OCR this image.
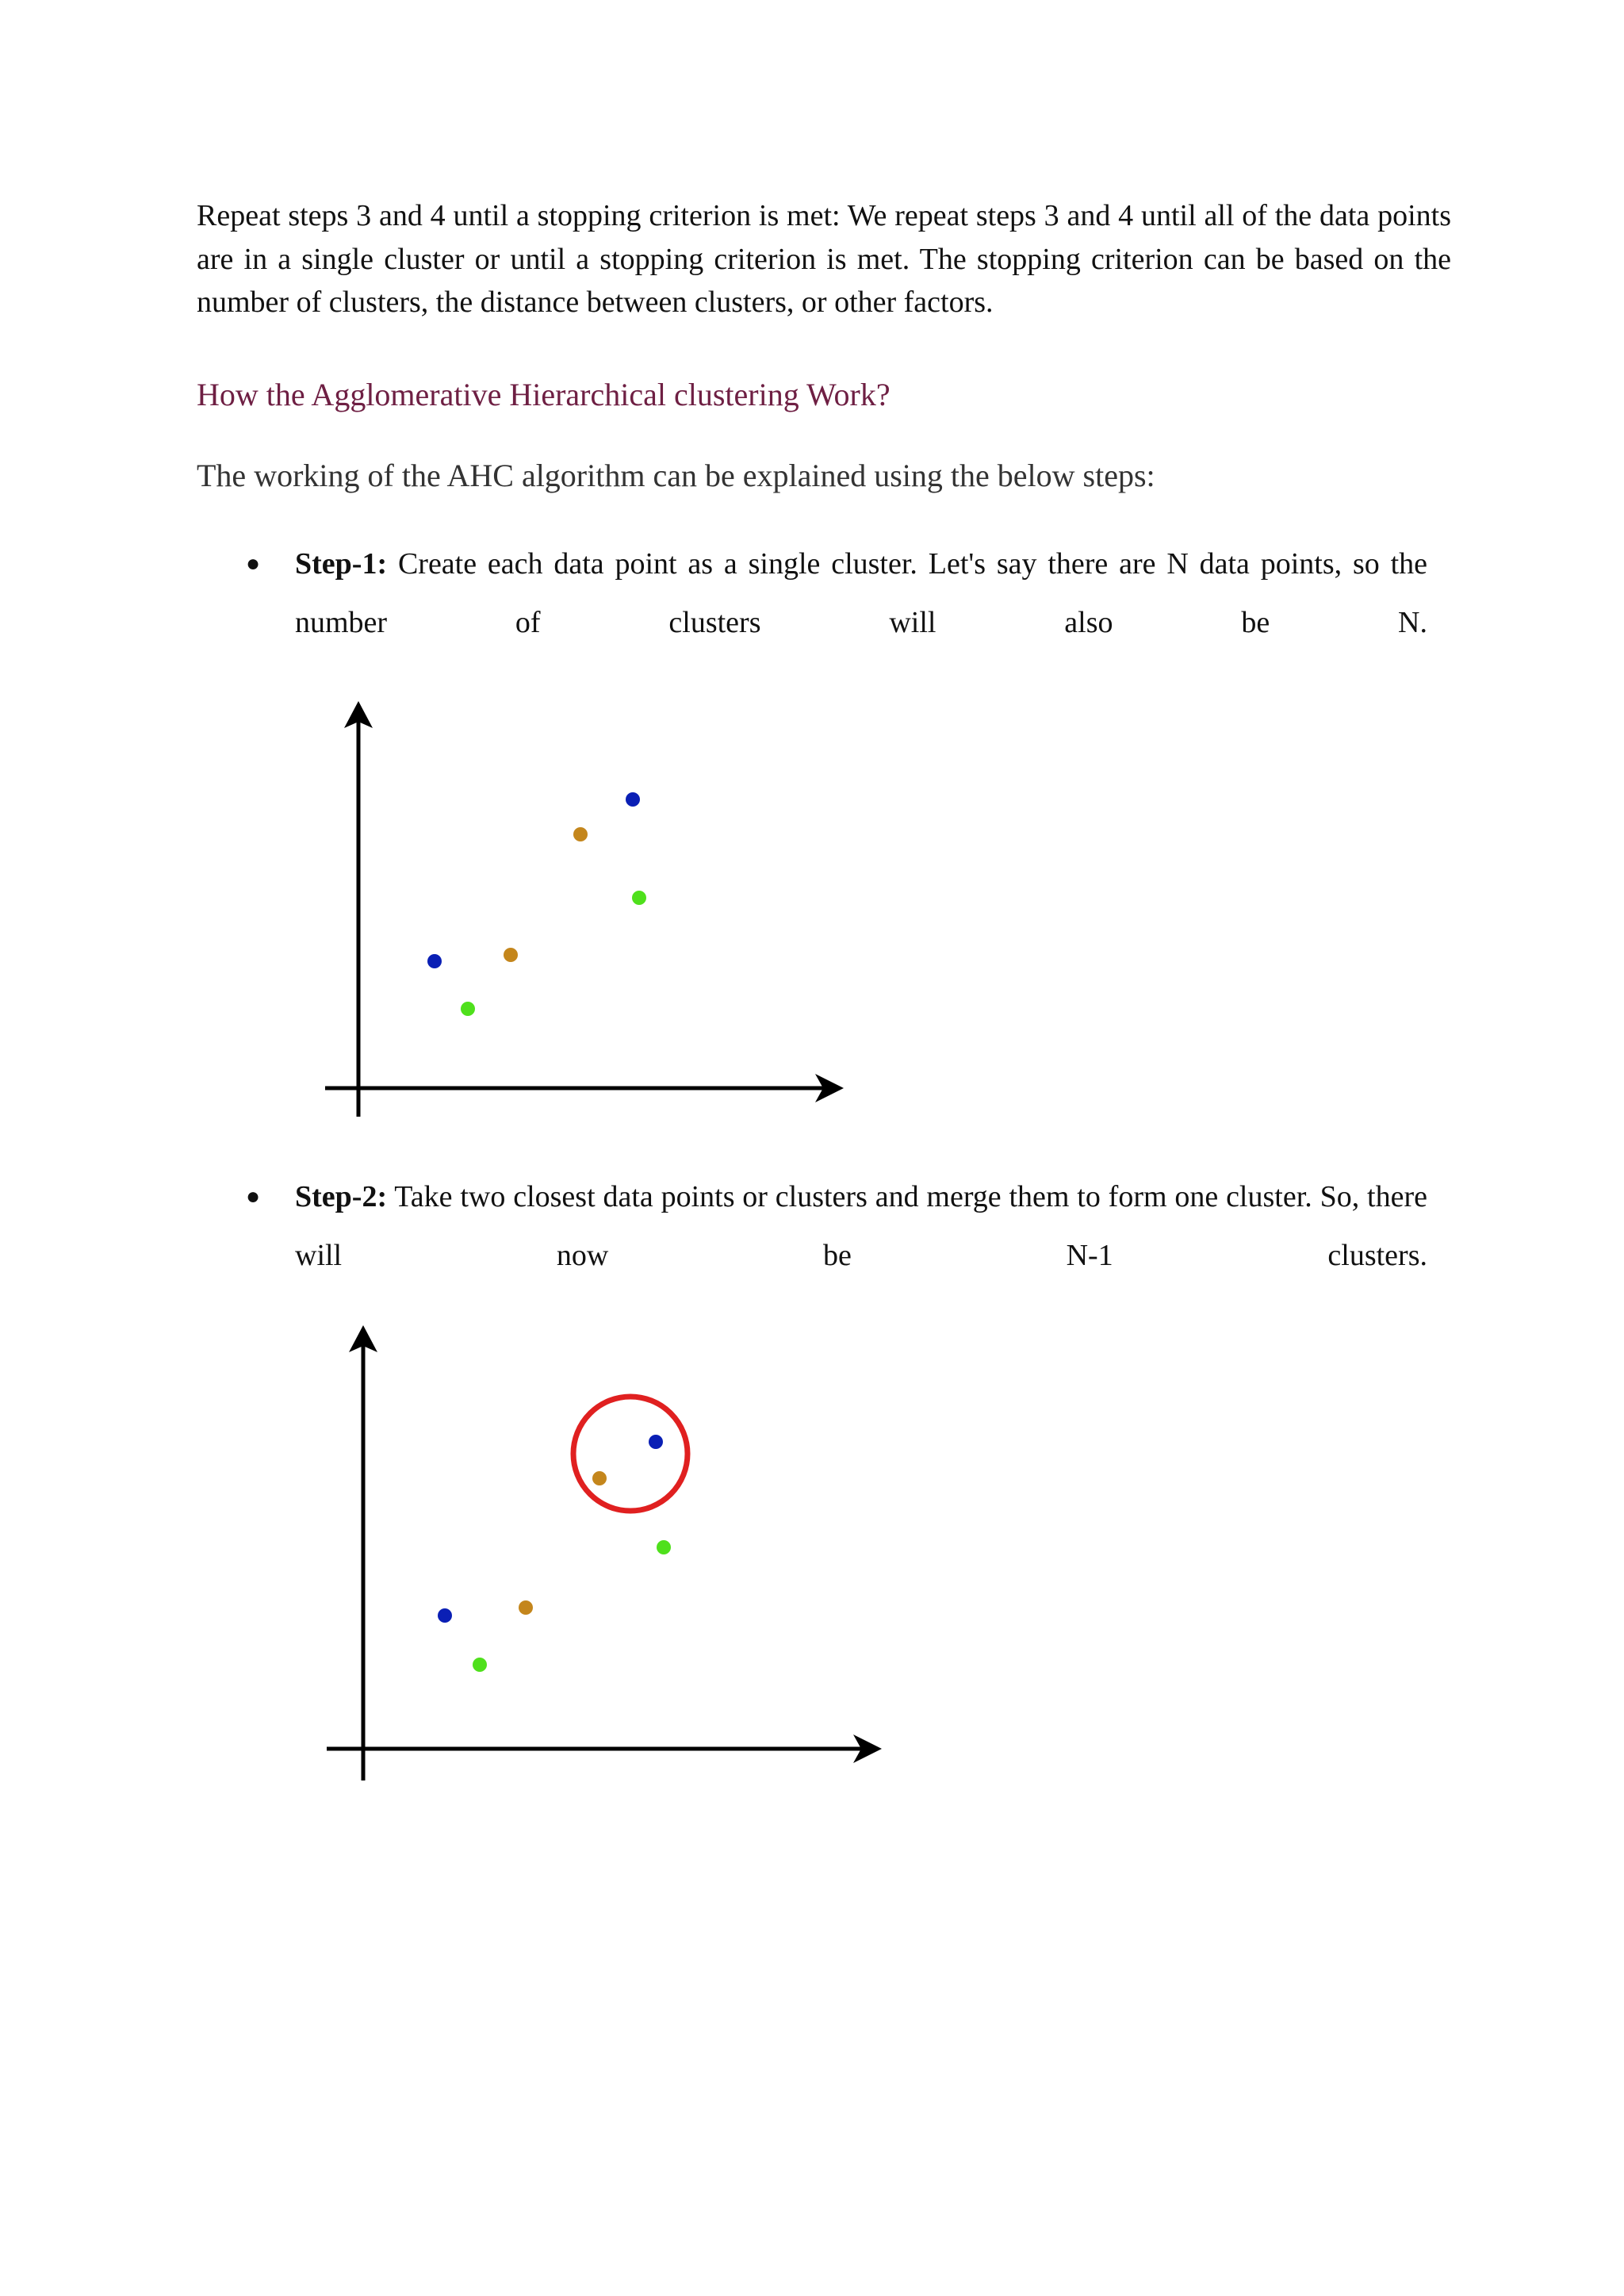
Repeat steps 3 and 4 until a stopping criterion is met: We repeat steps 3 and 4 until all of the data points are in a single cluster or until a stopping criterion is met. The stopping criterion can be based on the number of clusters, the distance between clusters, or other factors.

How the Agglomerative Hierarchical clustering Work?

The working of the AHC algorithm can be explained using the below steps:

● Step-1: Create each data point as a single cluster. Let's say there are N data points, so the number of clusters will also be N.

● Step-2: Take two closest data points or clusters and merge them to form one cluster. So, there will now be N-1 clusters.
